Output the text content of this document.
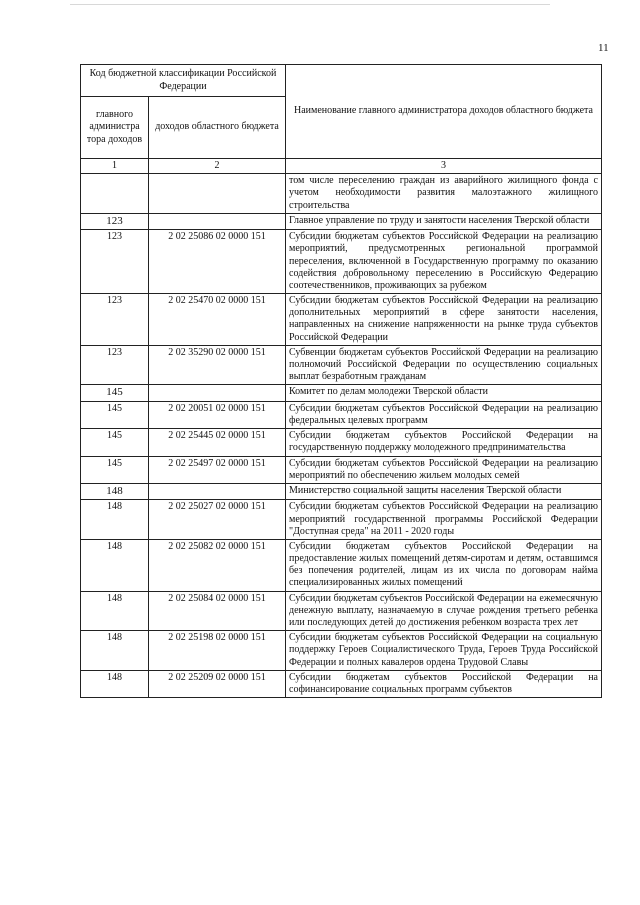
11
Код бюджетной классификации Российской Федерации		Наименование главного администратора доходов областного бюджета
главного администра тора доходов	доходов областного бюджета	
1	2	3
		том числе переселению граждан из аварийного жилищного фонда с учетом необходимости развития малоэтажного жилищного строительства
123		Главное управление по труду и занятости населения Тверской области
123	2 02 25086 02 0000 151	Субсидии бюджетам субъектов Российской Федерации на реализацию мероприятий, предусмотренных региональной программой переселения, включенной в Государственную программу по оказанию содействия добровольному переселению в Российскую Федерацию соотечественников, проживающих за рубежом
123	2 02 25470 02 0000 151	Субсидии бюджетам субъектов Российской Федерации на реализацию дополнительных мероприятий в сфере занятости населения, направленных на снижение напряженности на рынке труда субъектов Российской Федерации
123	2 02 35290 02 0000 151	Субвенции бюджетам субъектов Российской Федерации на реализацию полномочий Российской Федерации по осуществлению социальных выплат безработным гражданам
145		Комитет по делам молодежи Тверской области
145	2 02 20051 02 0000 151	Субсидии бюджетам субъектов Российской Федерации на реализацию федеральных целевых программ
145	2 02 25445 02 0000 151	Субсидии бюджетам субъектов Российской Федерации на государственную поддержку молодежного предпринимательства
145	2 02 25497 02 0000 151	Субсидии бюджетам субъектов Российской Федерации на реализацию мероприятий по обеспечению жильем молодых семей
148		Министерство социальной защиты населения Тверской области
148	2 02 25027 02 0000 151	Субсидии бюджетам субъектов Российской Федерации на реализацию мероприятий государственной программы Российской Федерации "Доступная среда" на 2011 - 2020 годы
148	2 02 25082 02 0000 151	Субсидии бюджетам субъектов Российской Федерации на предоставление жилых помещений детям-сиротам и детям, оставшимся без попечения родителей, лицам из их числа по договорам найма специализированных жилых помещений
148	2 02 25084 02 0000 151	Субсидии бюджетам субъектов Российской Федерации на ежемесячную денежную выплату, назначаемую в случае рождения третьего ребенка или последующих детей до достижения ребенком возраста трех лет
148	2 02 25198 02 0000 151	Субсидии бюджетам субъектов Российской Федерации на социальную поддержку Героев Социалистического Труда, Героев Труда Российской Федерации и полных кавалеров ордена Трудовой Славы
148	2 02 25209 02 0000 151	Субсидии бюджетам субъектов Российской Федерации на софинансирование социальных программ субъектов
